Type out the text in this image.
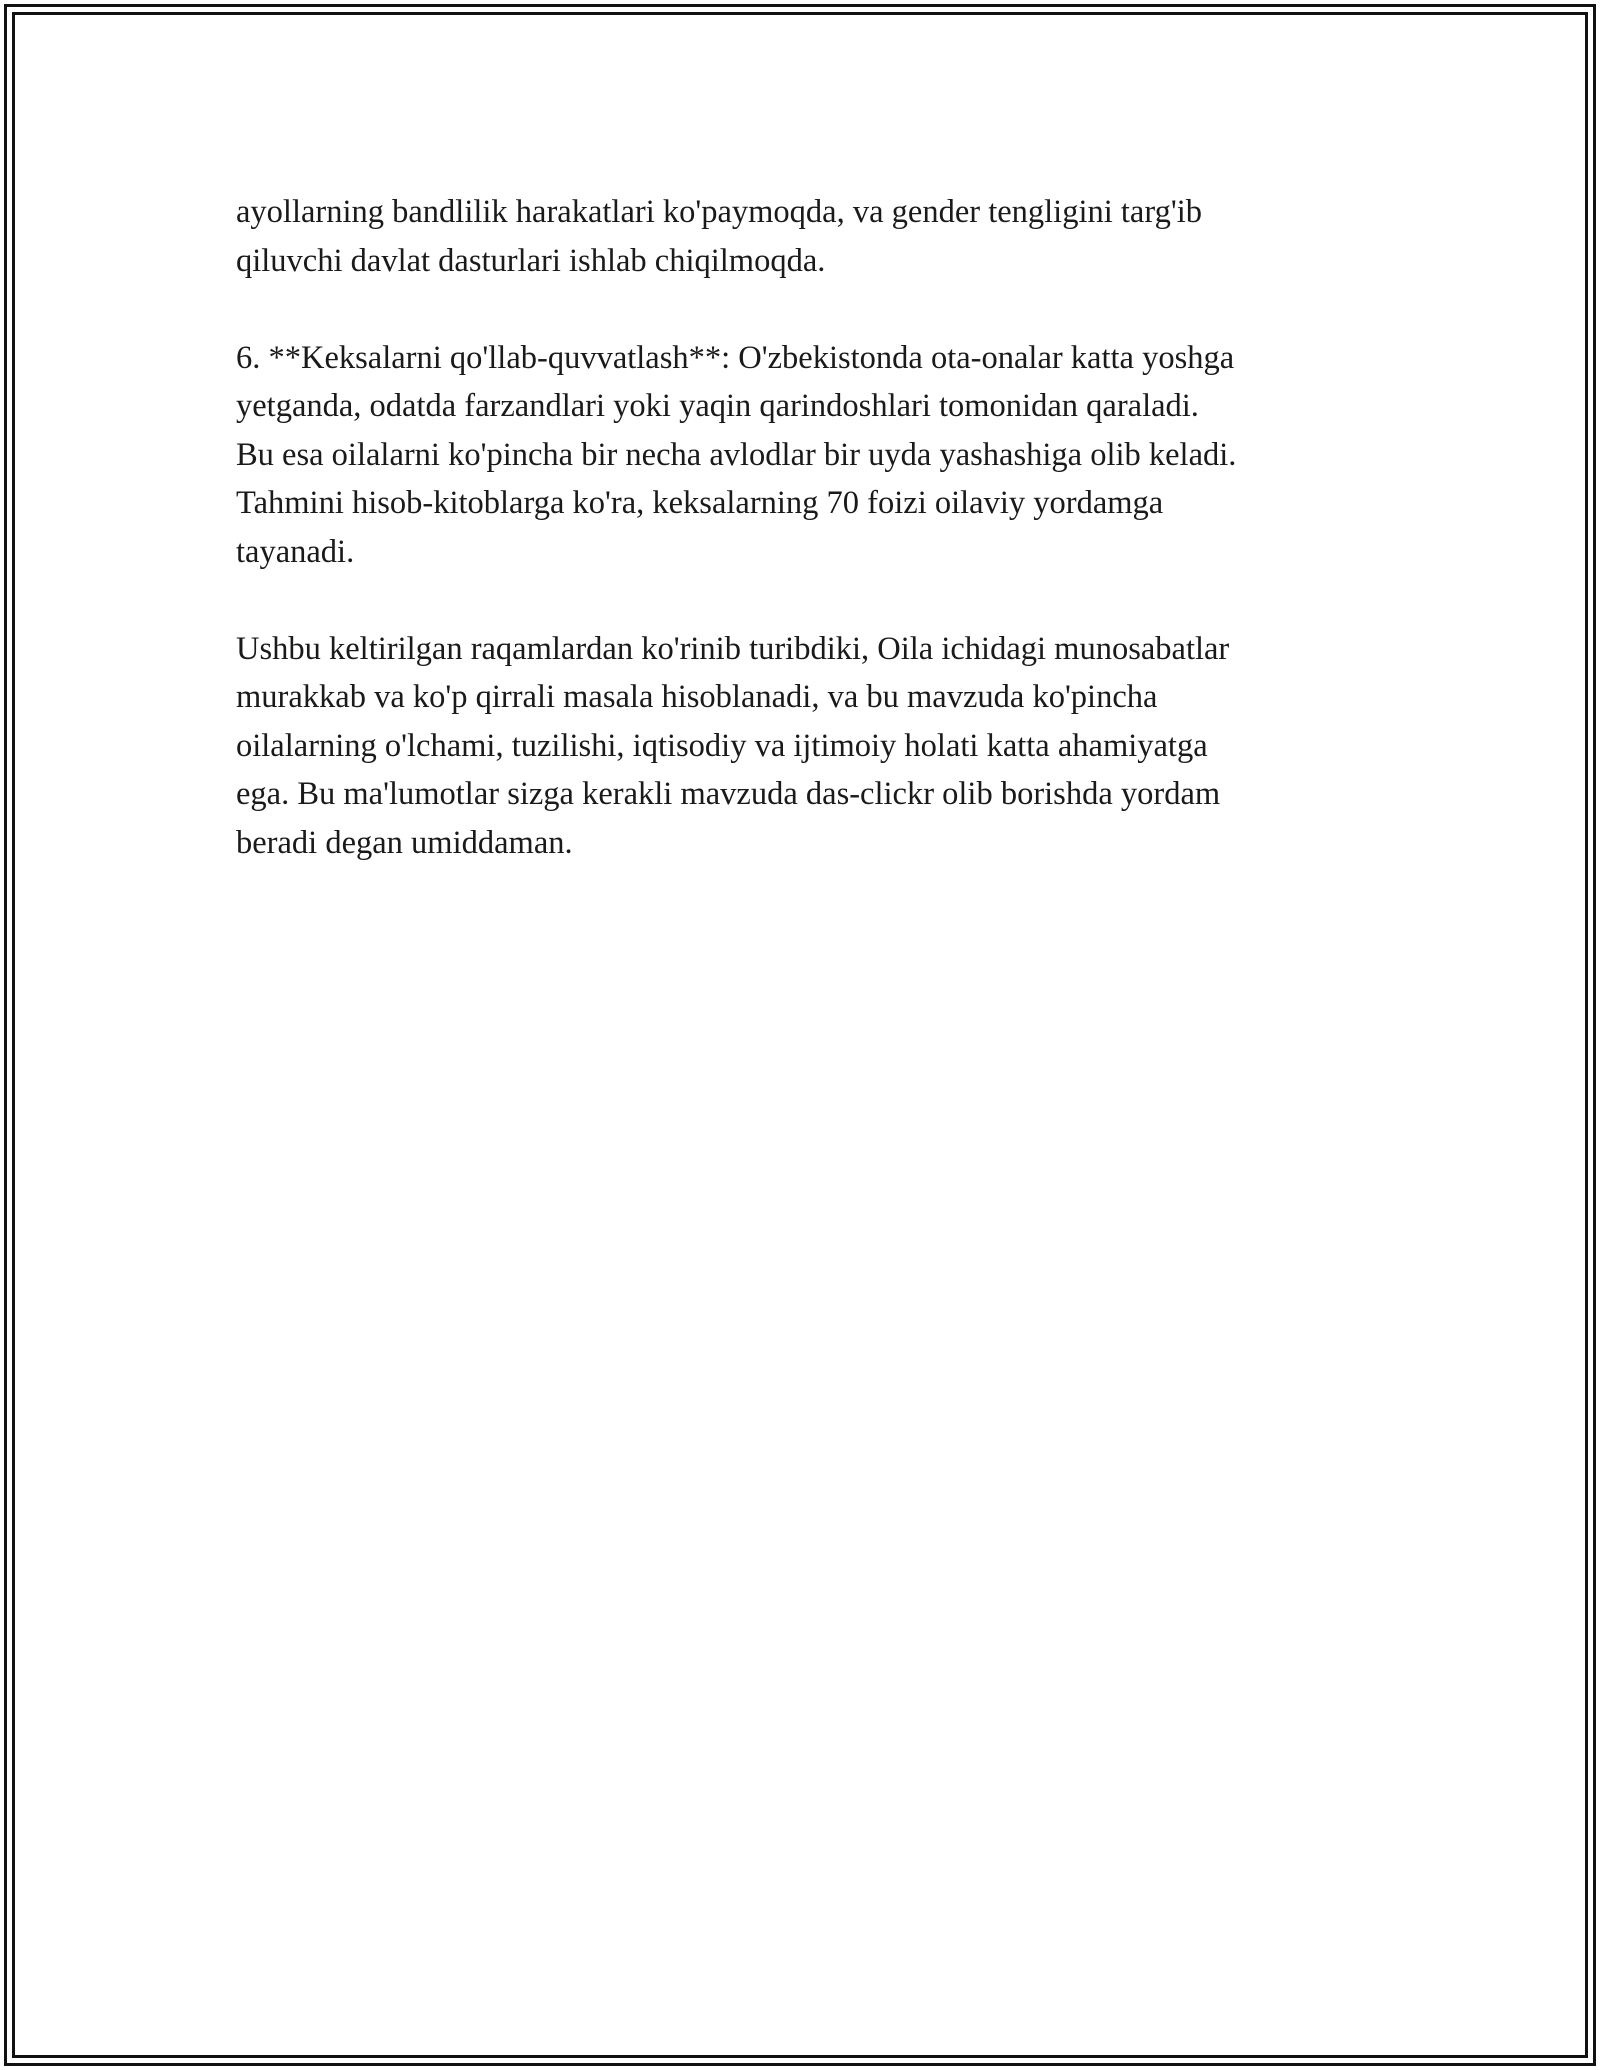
ayollarning bandlilik harakatlari ko'paymoqda, va gender tengligini targ'ib
qiluvchi davlat dasturlari ishlab chiqilmoqda.

6. **Keksalarni qo'llab-quvvatlash**: O'zbekistonda ota-onalar katta yoshga
yetganda, odatda farzandlari yoki yaqin qarindoshlari tomonidan qaraladi.
Bu esa oilalarni ko'pincha bir necha avlodlar bir uyda yashashiga olib keladi.
Tahmini hisob-kitoblarga ko'ra, keksalarning 70 foizi oilaviy yordamga
tayanadi.

Ushbu keltirilgan raqamlardan ko'rinib turibdiki, Oila ichidagi munosabatlar
murakkab va ko'p qirrali masala hisoblanadi, va bu mavzuda ko'pincha
oilalarning o'lchami, tuzilishi, iqtisodiy va ijtimoiy holati katta ahamiyatga
ega. Bu ma'lumotlar sizga kerakli mavzuda das-clickr olib borishda yordam
beradi degan umiddaman.
